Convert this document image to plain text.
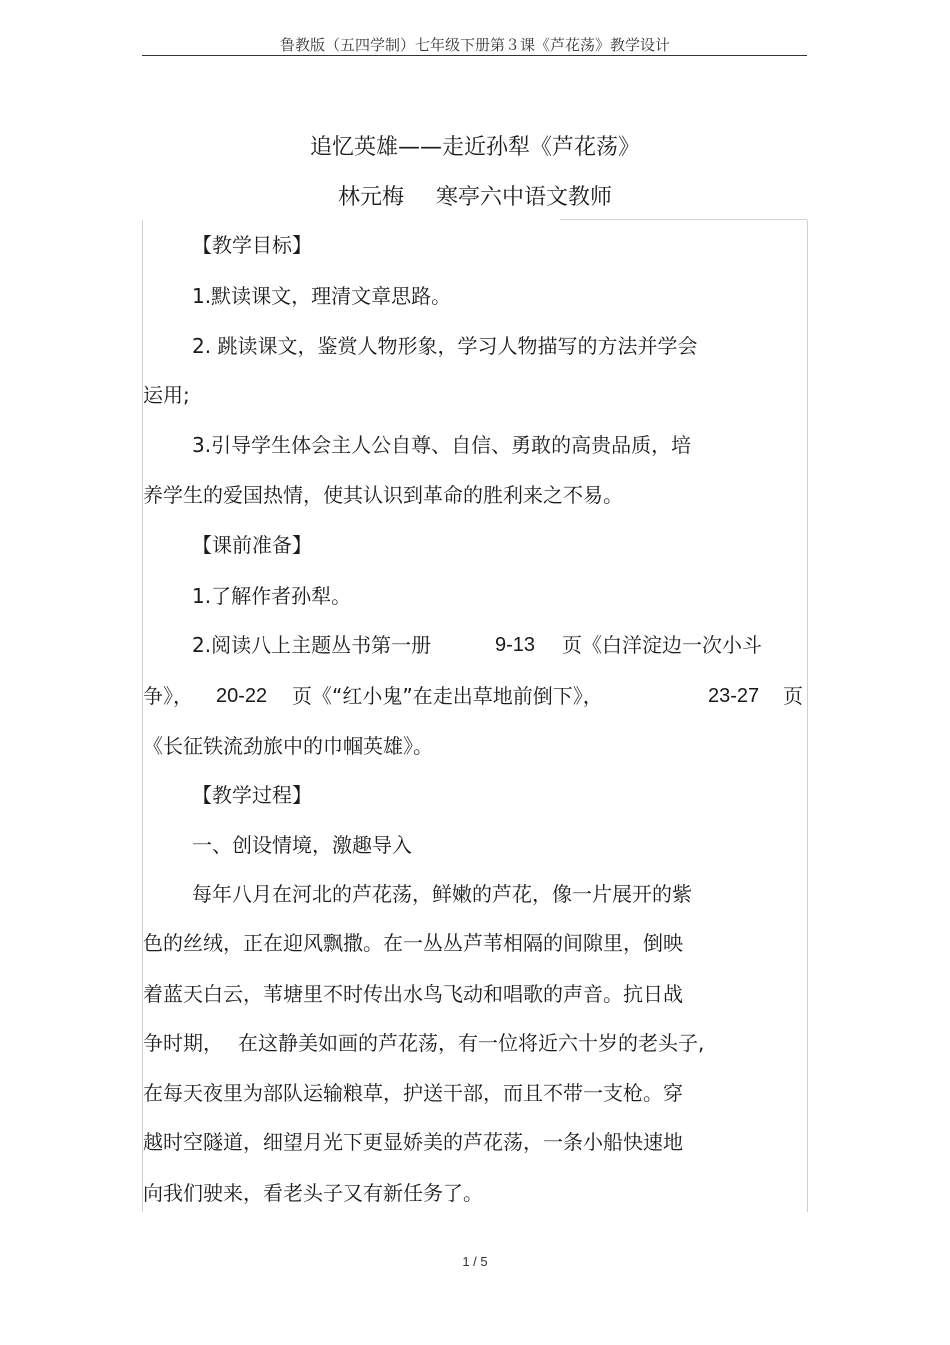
鲁教版（五四学制）七年级下册第３课《芦花荡》教学设计
追忆英雄——走近孙犁《芦花荡》
林元梅 寒亭六中语文教师
【教学目标】
1.默读课文，理清文章思路。
2. 跳读课文，鉴赏人物形象，学习人物描写的方法并学会
运用;
3.引导学生体会主人公自尊、自信、勇敢的高贵品质，培
养学生的爱国热情，使其认识到革命的胜利来之不易。
【课前准备】
1.了解作者孙犁。
2.阅读八上主题丛书第一册	9-13 页《白洋淀边一次小斗
争》， 20-22 页《“红小鬼”在走出草地前倒下》，	23-27 页
《长征铁流劲旅中的巾帼英雄》。
【教学过程】
一、创设情境，激趣导入
每年八月在河北的芦花荡，鲜嫩的芦花，像一片展开的紫
色的丝绒，正在迎风飘撒。在一丛丛芦苇相隔的间隙里，倒映
着蓝天白云，苇塘里不时传出水鸟飞动和唱歌的声音。抗日战
争时期， 在这静美如画的芦花荡，有一位将近六十岁的老头子,
在每天夜里为部队运输粮草，护送干部，而且不带一支枪。穿
越时空隧道，细望月光下更显娇美的芦花荡，一条小船快速地
向我们驶来，看老头子又有新任务了。
1 / 5
